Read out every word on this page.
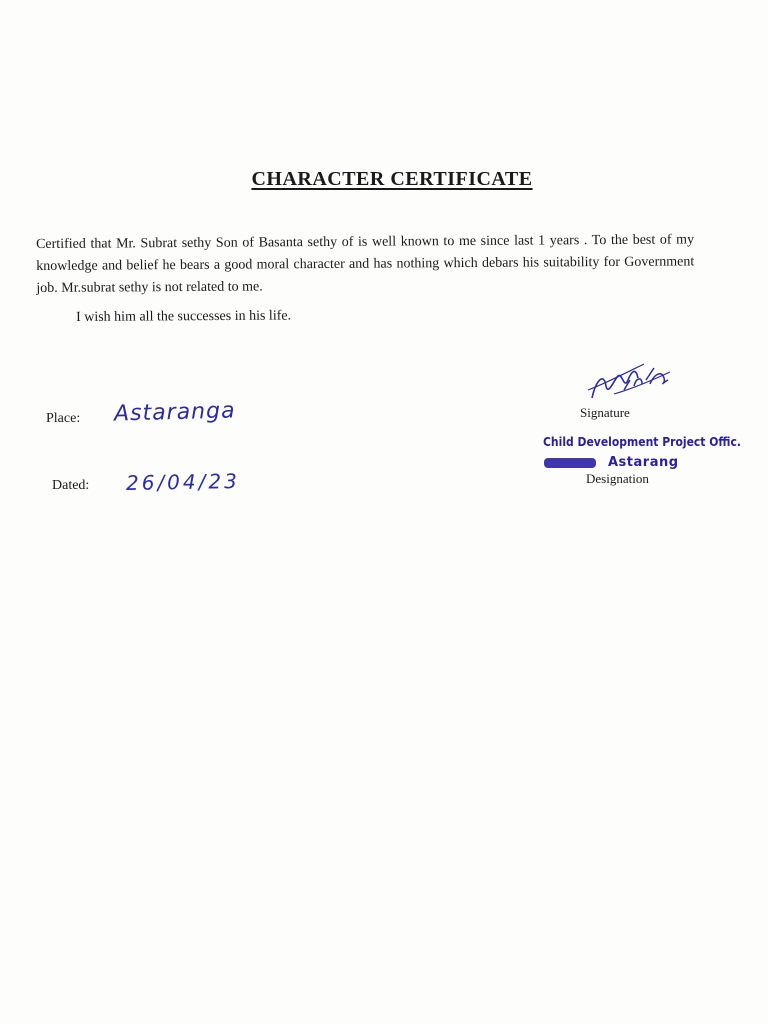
CHARACTER CERTIFICATE
Certified that Mr. Subrat sethy Son of Basanta sethy of is well known to me since last 1 years . To the best of my knowledge and belief he bears a good moral character and has nothing which debars his suitability for Government job. Mr.subrat sethy is not related to me.
I wish him all the successes in his life.
Place: Astaranga
Dated: 26/04/23
Signature
Child Development Project Offic.
Astarang
Designation
